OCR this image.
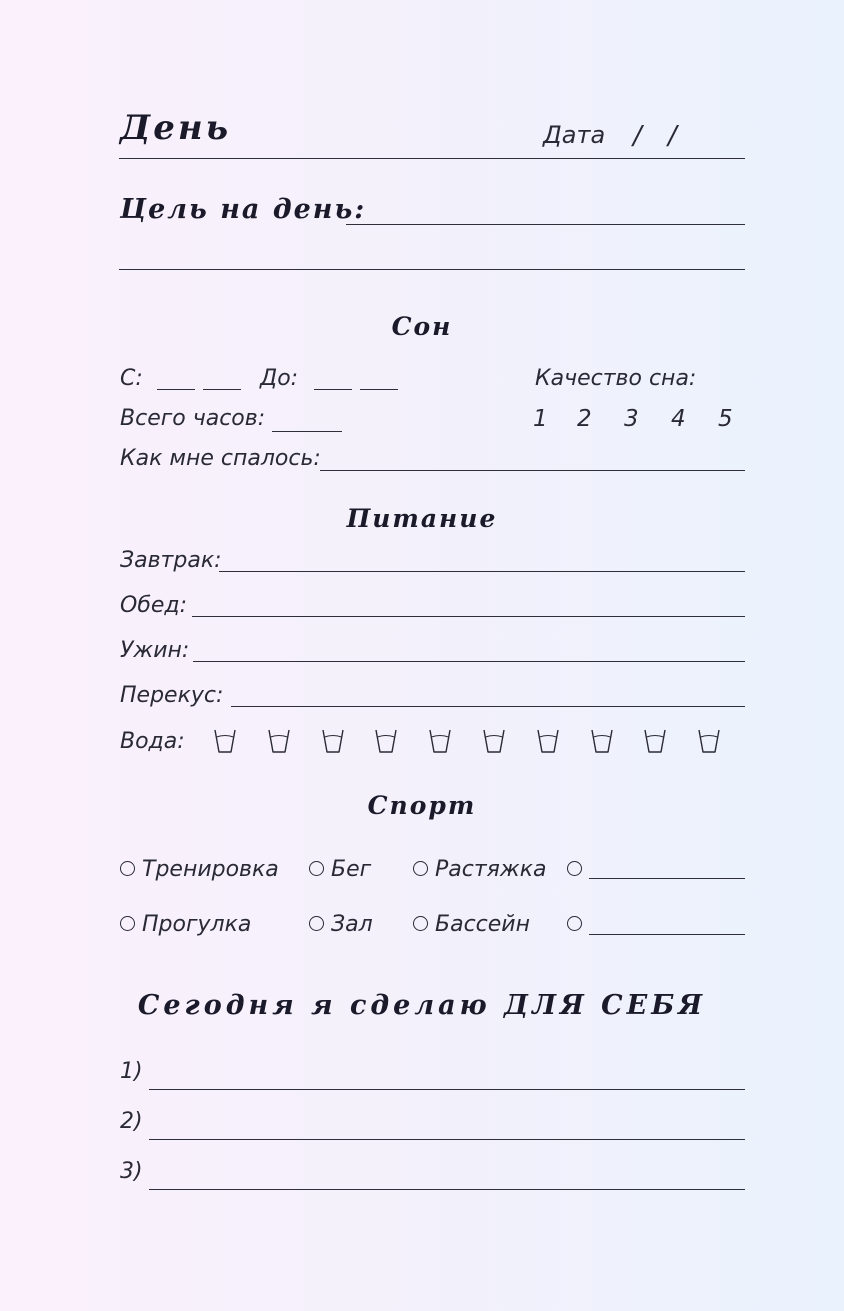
День	Дата / /
Цель на день:
Сон
С:	До:	Качество сна:
1 2 3 4 5
Всего часов:
Как мне спалось:
Питание
Завтрак:
Обед:
Ужин:
Перекус:
Вода:
Спорт
Тренировка	Бег	Растяжка
Прогулка	Зал	Бассейн
Сегодня я сделаю ДЛЯ СЕБЯ
1)
2)
3)
